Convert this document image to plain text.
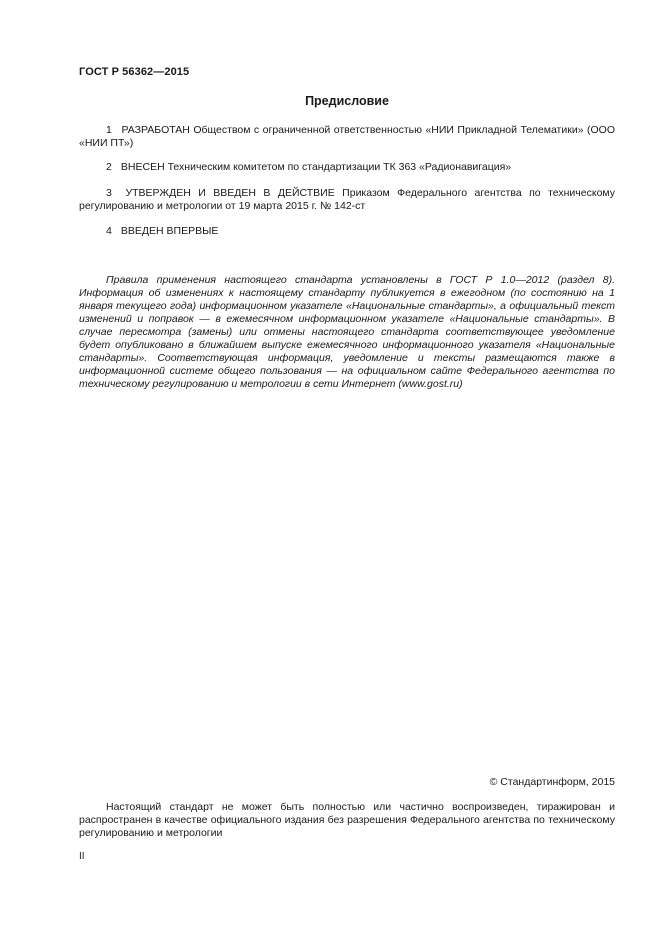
ГОСТ Р 56362—2015
Предисловие

1 РАЗРАБОТАН Обществом с ограниченной ответственностью «НИИ Прикладной Телематики» (ООО «НИИ ПТ»)

2 ВНЕСЕН Техническим комитетом по стандартизации ТК 363 «Радионавигация»

3 УТВЕРЖДЕН И ВВЕДЕН В ДЕЙСТВИЕ Приказом Федерального агентства по техническому регулированию и метрологии от 19 марта 2015 г. № 142-ст

4 ВВЕДЕН ВПЕРВЫЕ

Правила применения настоящего стандарта установлены в ГОСТ Р 1.0—2012 (раздел 8). Информация об изменениях к настоящему стандарту публикуется в ежегодном (по состоянию на 1 января текущего года) информационном указателе «Национальные стандарты», а официальный текст изменений и поправок — в ежемесячном информационном указателе «Национальные стандарты». В случае пересмотра (замены) или отмены настоящего стандарта соответствующее уведомление будет опубликовано в ближайшем выпуске ежемесячного информационного указателя «Национальные стандарты». Соответствующая информация, уведомление и тексты размещаются также в информационной системе общего пользования — на официальном сайте Федерального агентства по техническому регулированию и метрологии в сети Интернет (www.gost.ru)

© Стандартинформ, 2015

Настоящий стандарт не может быть полностью или частично воспроизведен, тиражирован и распространен в качестве официального издания без разрешения Федерального агентства по техническому регулированию и метрологии

II
